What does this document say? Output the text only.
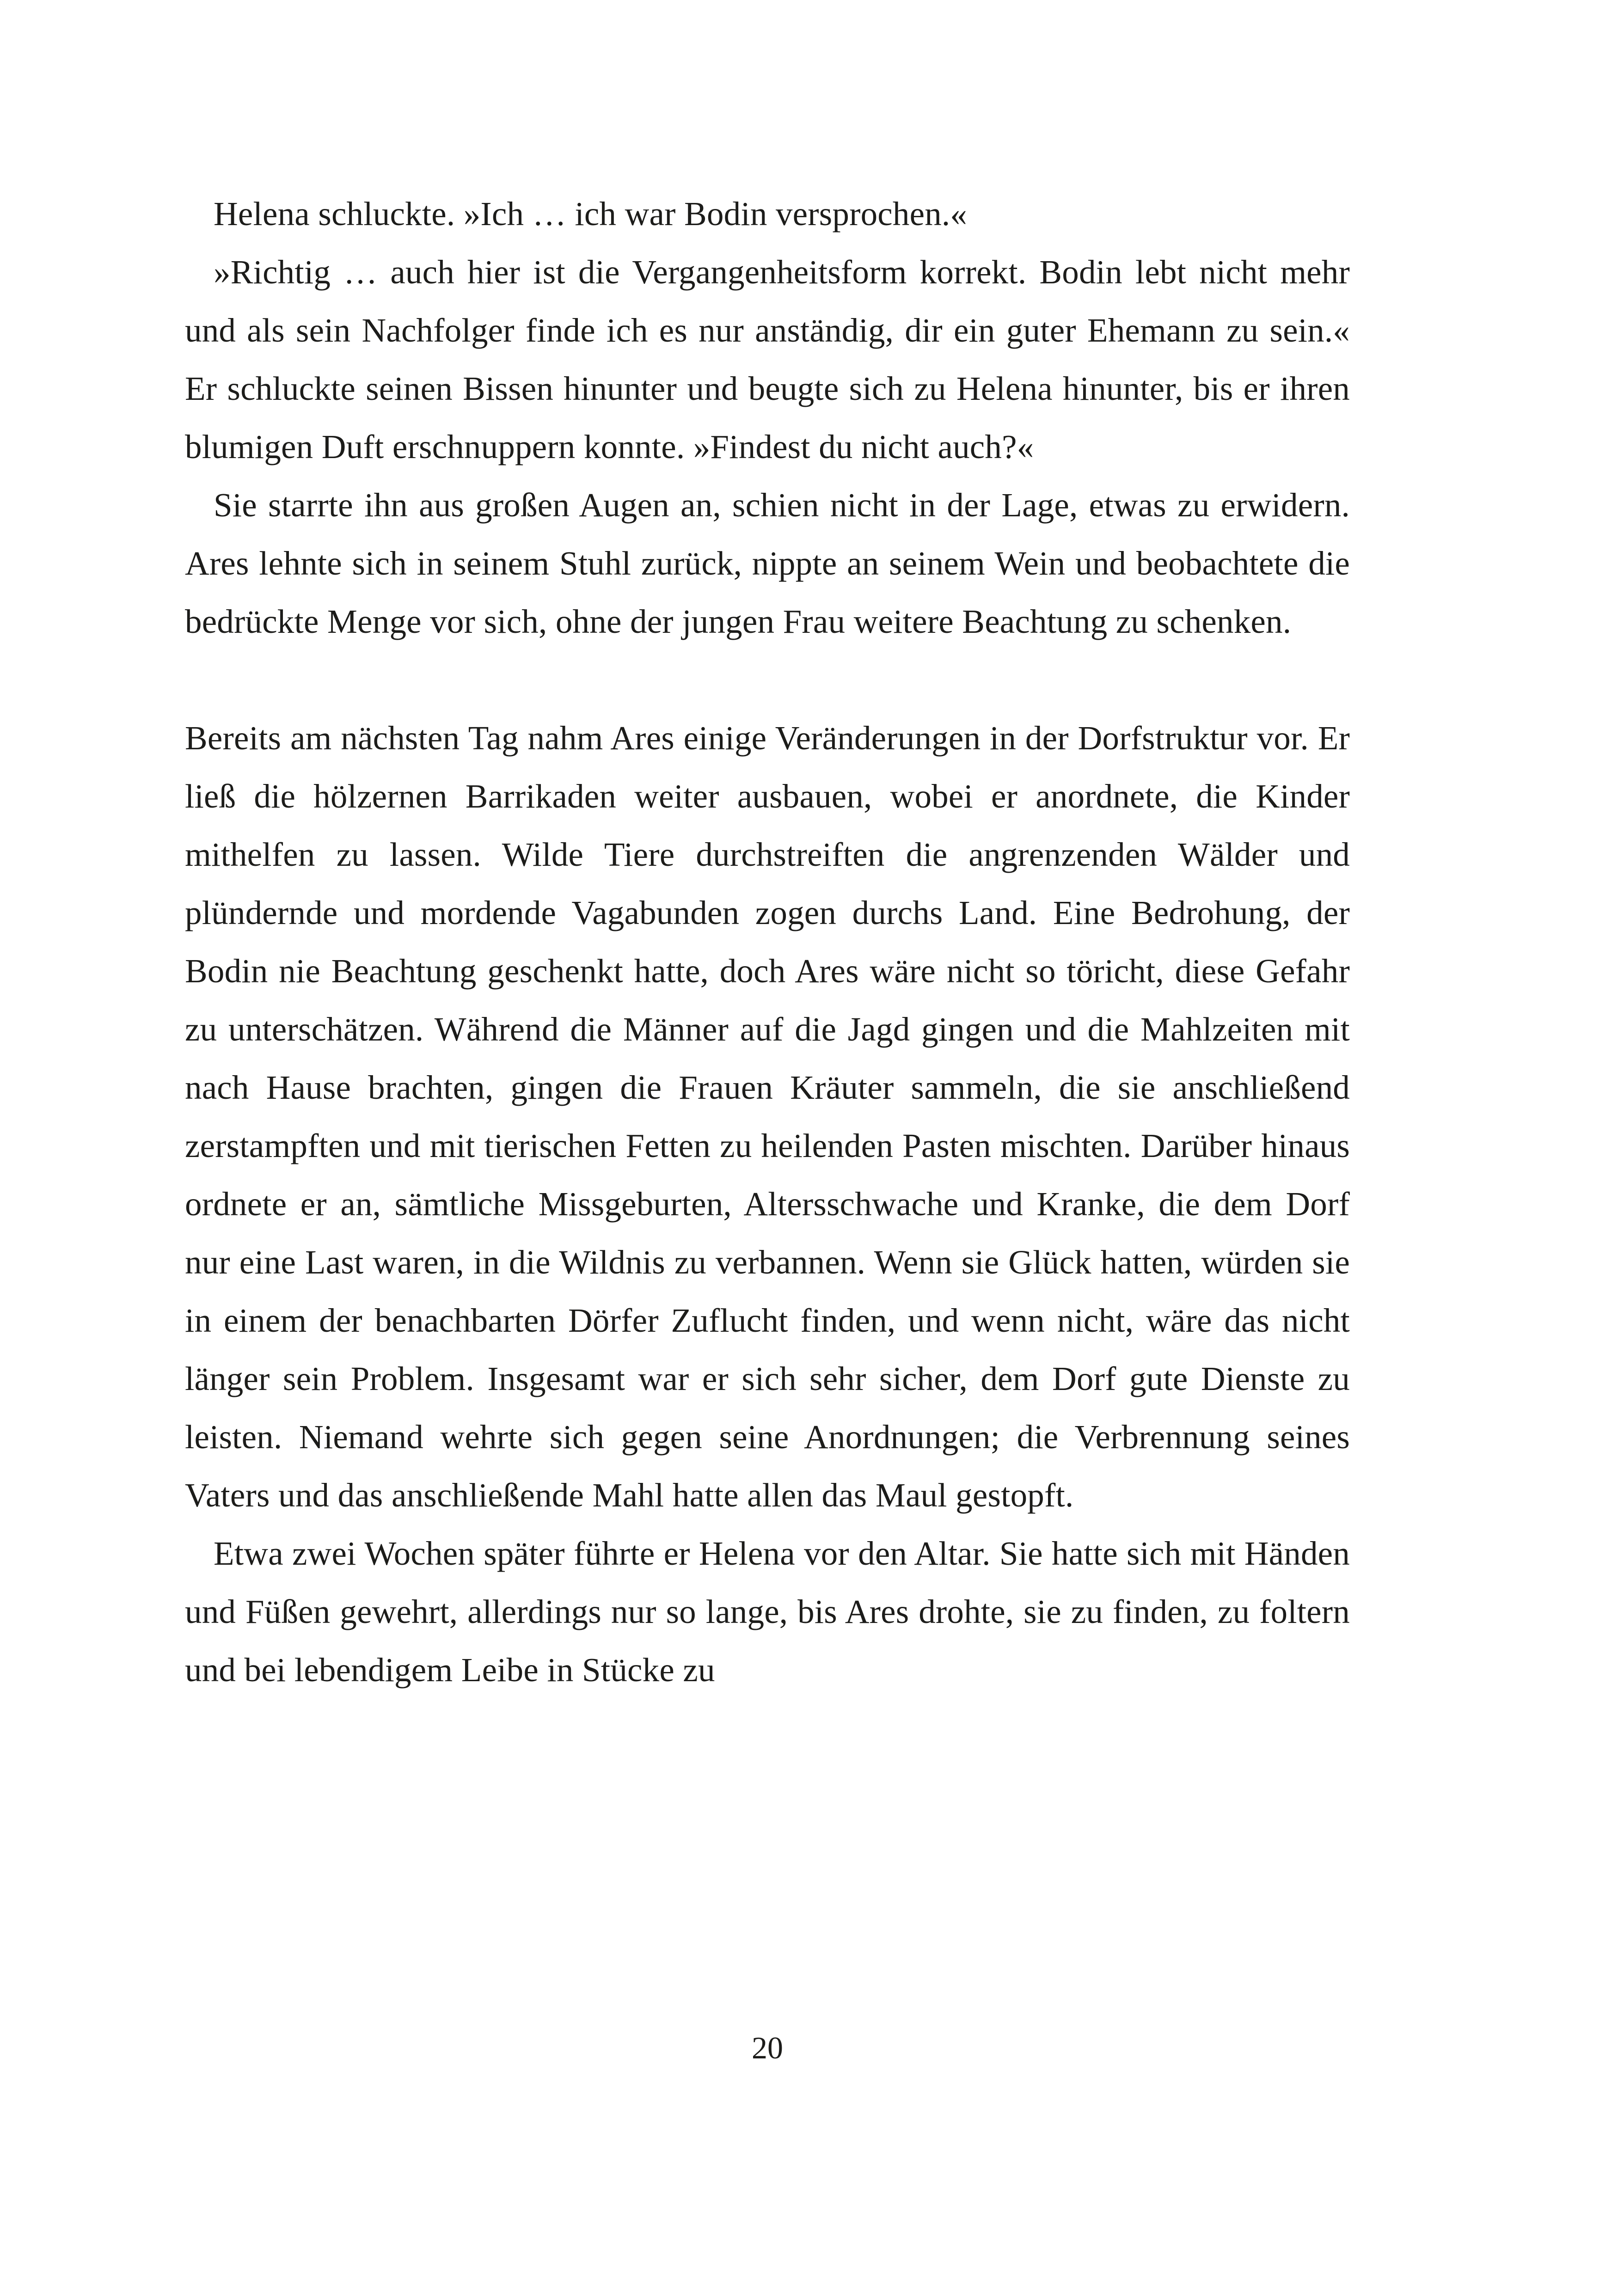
Helena schluckte. »Ich … ich war Bodin versprochen.«

»Richtig … auch hier ist die Vergangenheitsform korrekt. Bodin lebt nicht mehr und als sein Nachfolger finde ich es nur anständig, dir ein guter Ehemann zu sein.« Er schluckte seinen Bissen hinunter und beugte sich zu Helena hinunter, bis er ihren blumigen Duft erschnuppern konnte. »Findest du nicht auch?«

Sie starrte ihn aus großen Augen an, schien nicht in der Lage, etwas zu erwidern. Ares lehnte sich in seinem Stuhl zurück, nippte an seinem Wein und beobachtete die bedrückte Menge vor sich, ohne der jungen Frau weitere Beachtung zu schenken.

Bereits am nächsten Tag nahm Ares einige Veränderungen in der Dorfstruktur vor. Er ließ die hölzernen Barrikaden weiter ausbauen, wobei er anordnete, die Kinder mithelfen zu lassen. Wilde Tiere durchstreiften die angrenzenden Wälder und plündernde und mordende Vagabunden zogen durchs Land. Eine Bedrohung, der Bodin nie Beachtung geschenkt hatte, doch Ares wäre nicht so töricht, diese Gefahr zu unterschätzen. Während die Männer auf die Jagd gingen und die Mahlzeiten mit nach Hause brachten, gingen die Frauen Kräuter sammeln, die sie anschließend zerstampften und mit tierischen Fetten zu heilenden Pasten mischten. Darüber hinaus ordnete er an, sämtliche Missgeburten, Altersschwache und Kranke, die dem Dorf nur eine Last waren, in die Wildnis zu verbannen. Wenn sie Glück hatten, würden sie in einem der benachbarten Dörfer Zuflucht finden, und wenn nicht, wäre das nicht länger sein Problem. Insgesamt war er sich sehr sicher, dem Dorf gute Dienste zu leisten. Niemand wehrte sich gegen seine Anordnungen; die Verbrennung seines Vaters und das anschließende Mahl hatte allen das Maul gestopft.

Etwa zwei Wochen später führte er Helena vor den Altar. Sie hatte sich mit Händen und Füßen gewehrt, allerdings nur so lange, bis Ares drohte, sie zu finden, zu foltern und bei lebendigem Leibe in Stücke zu

20
